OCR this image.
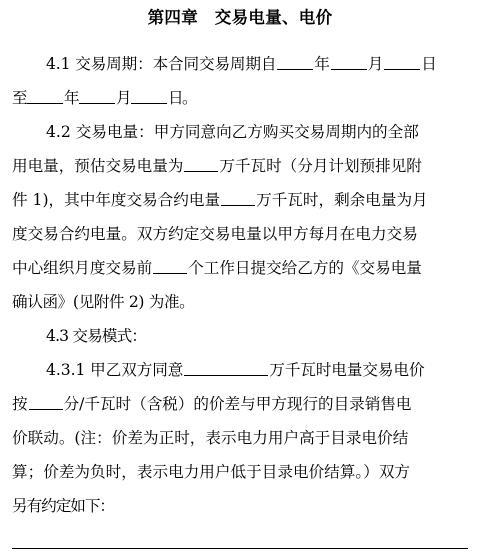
第四章　交易电量、电价
4.1 交易周期：本合同交易周期自 年 月 日
至 年 月 日。
4.2 交易电量：甲方同意向乙方购买交易周期内的全部
用电量，预估交易电量为 万千瓦时（分月计划预排见附
件 1)，其中年度交易合约电量 万千瓦时，剩余电量为月
度交易合约电量。双方约定交易电量以甲方每月在电力交易
中心组织月度交易前 个工作日提交给乙方的《交易电量
确认函》(见附件 2) 为准。
4.3 交易模式：
4.3.1 甲乙双方同意	万千瓦时电量交易电价
按 分/千瓦时（含税）的价差与甲方现行的目录销售电
价联动。(注：价差为正时，表示电力用户高于目录电价结
算；价差为负时，表示电力用户低于目录电价结算。）双方
另有约定如下：
